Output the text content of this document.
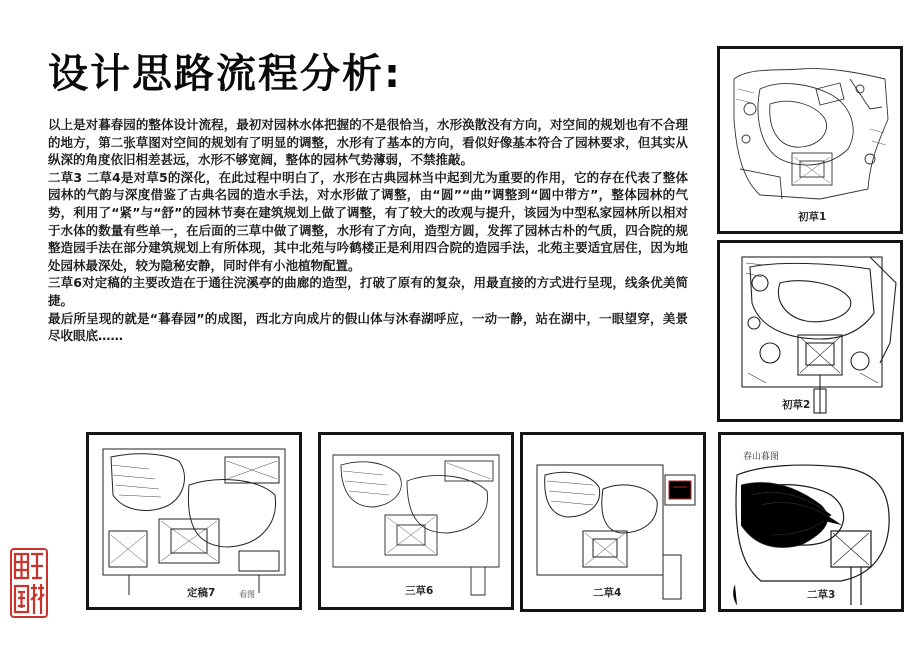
设计思路流程分析:

以上是对暮春园的整体设计流程，最初对园林水体把握的不是很恰当，水形涣散没有方向，对空间的规划也有不合理的地方，第二张草图对空间的规划有了明显的调整，水形有了基本的方向，看似好像基本符合了园林要求，但其实从纵深的角度依旧相差甚远，水形不够宽阔，整体的园林气势薄弱，不禁推敲。

二草3 二草4是对草5的深化，在此过程中明白了，水形在古典园林当中起到尤为重要的作用，它的存在代表了整体园林的气韵与深度借鉴了古典名园的造水手法，对水形做了调整，由“圆”“曲”调整到“圆中带方”，整体园林的气势，利用了“紧”与“舒”的园林节奏在建筑规划上做了调整，有了较大的改观与提升，该园为中型私家园林所以相对于水体的数量有些单一，在后面的三草中做了调整，水形有了方向，造型方圆，发挥了园林古朴的气质，四合院的规整造园手法在部分建筑规划上有所体现，其中北苑与吟鹤楼正是利用四合院的造园手法，北苑主要适宜居住，因为地处园林最深处，较为隐秘安静，同时伴有小池植物配置。

三草6对定稿的主要改造在于通往浣溪亭的曲廊的造型，打破了原有的复杂，用最直接的方式进行呈现，线条优美简捷。

最后所呈现的就是“暮春园”的成图，西北方向成片的假山体与沐春湖呼应，一动一静，站在湖中，一眼望穿，美景尽收眼底……

初草1
初草2
定稿7	看图	三草6	二草4
春山暮图
二草3
